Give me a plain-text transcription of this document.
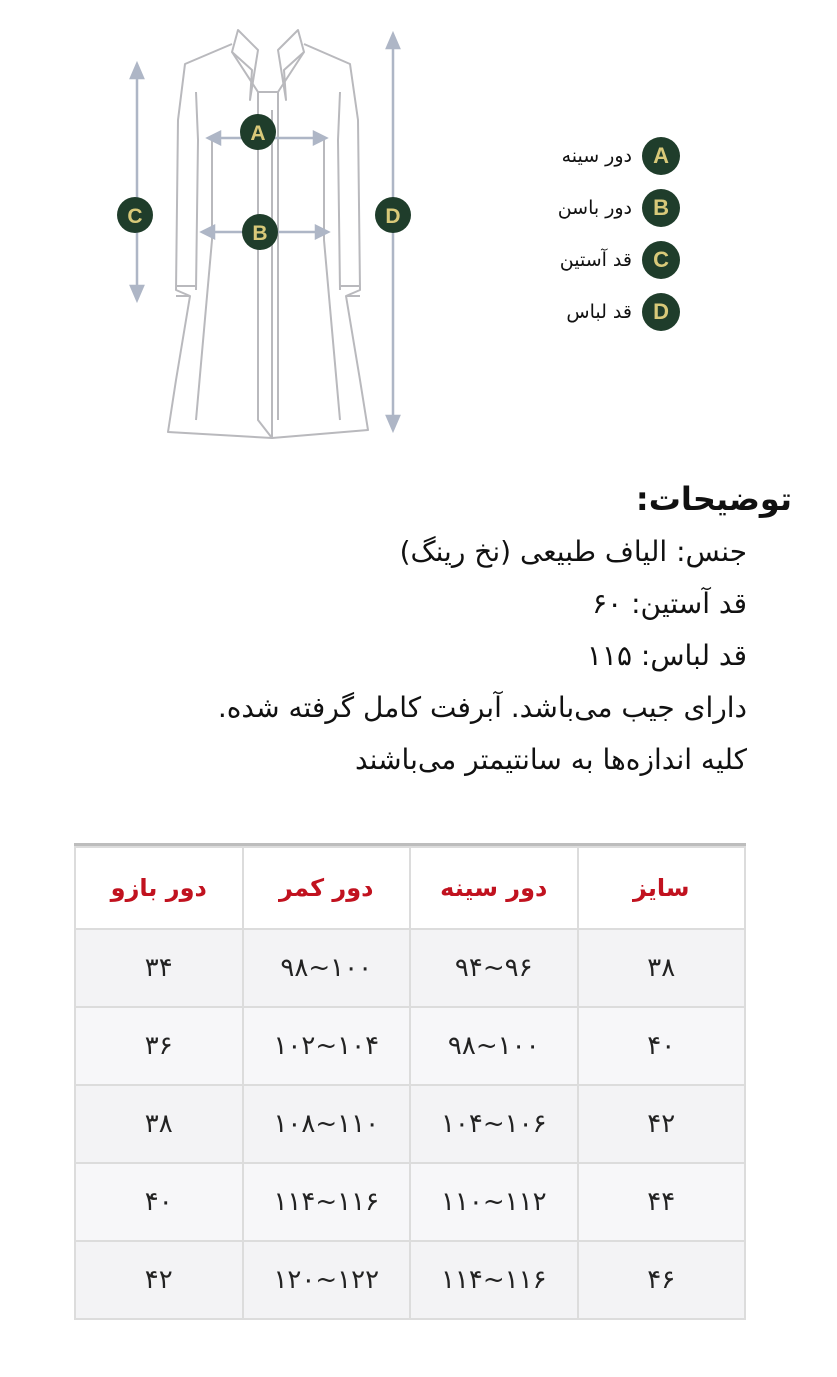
A
B
C	D
A
دور سینه
B
دور باسن
C
قد آستین
D
قد لباس
توضیحات:
جنس: الیاف طبیعی (نخ رینگ)
قد آستین: ۶۰
قد لباس: ۱۱۵
دارای جیب می‌باشد. آبرفت کامل گرفته شده.
کلیه اندازه‌ها به سانتیمتر می‌باشند
سایز	دور سینه	دور کمر	دور بازو
۳۸	۹۶~۹۴	۱۰۰~۹۸	۳۴
۴۰	۱۰۰~۹۸	۱۰۴~۱۰۲	۳۶
۴۲	۱۰۶~۱۰۴	۱۱۰~۱۰۸	۳۸
۴۴	۱۱۲~۱۱۰	۱۱۶~۱۱۴	۴۰
۴۶	۱۱۶~۱۱۴	۱۲۲~۱۲۰	۴۲
